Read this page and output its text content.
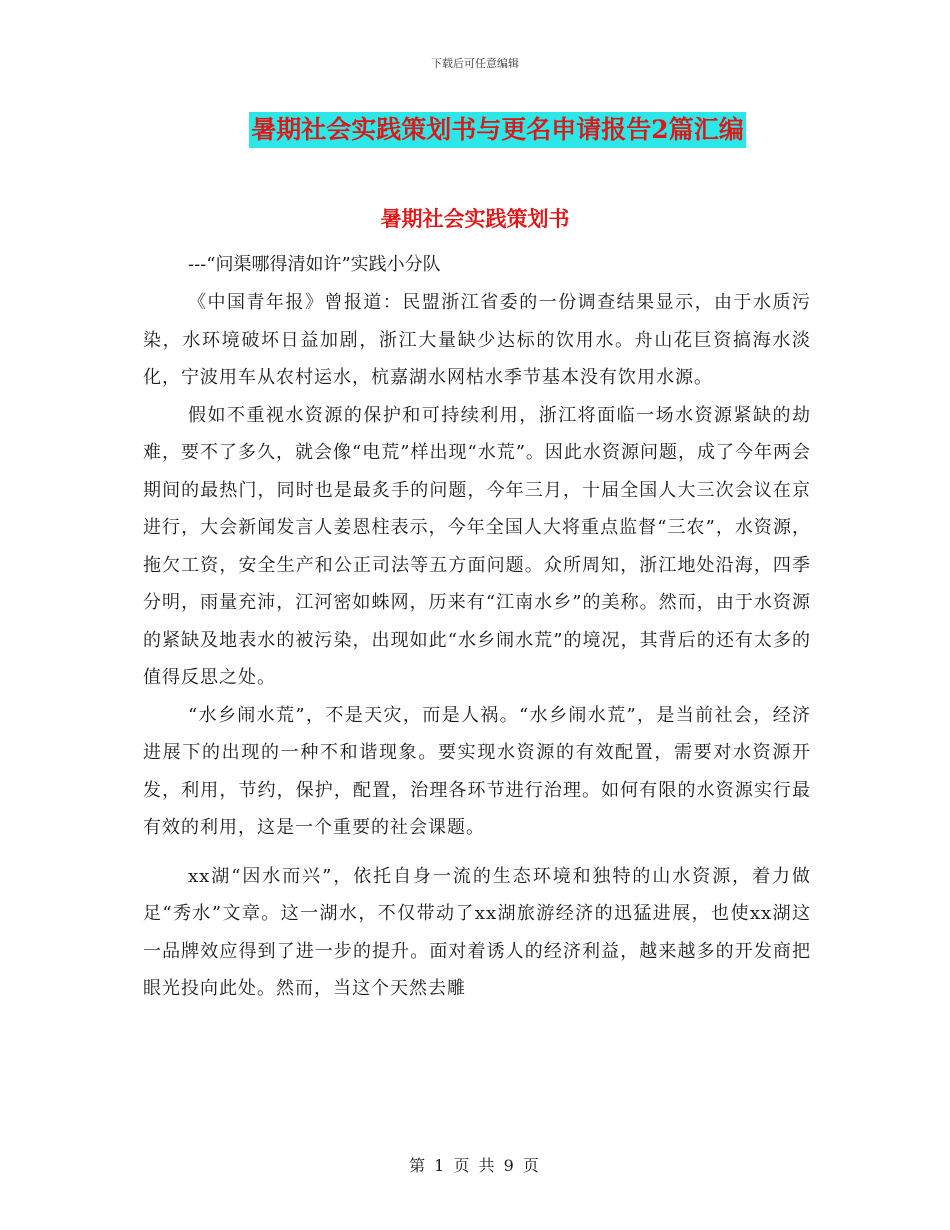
下载后可任意编辑
暑期社会实践策划书与更名申请报告2篇汇编
暑期社会实践策划书
---“问渠哪得清如许”实践小分队

《中国青年报》曾报道：民盟浙江省委的一份调查结果显示，由于水质污染，水环境破坏日益加剧，浙江大量缺少达标的饮用水。舟山花巨资搞海水淡化，宁波用车从农村运水，杭嘉湖水网枯水季节基本没有饮用水源。

假如不重视水资源的保护和可持续利用，浙江将面临一场水资源紧缺的劫难，要不了多久，就会像“电荒”样出现“水荒”。因此水资源问题，成了今年两会期间的最热门，同时也是最炙手的问题，今年三月，十届全国人大三次会议在京进行，大会新闻发言人姜恩柱表示，今年全国人大将重点监督“三农”，水资源，拖欠工资，安全生产和公正司法等五方面问题。众所周知，浙江地处沿海，四季分明，雨量充沛，江河密如蛛网，历来有“江南水乡”的美称。然而，由于水资源的紧缺及地表水的被污染，出现如此“水乡闹水荒”的境况，其背后的还有太多的值得反思之处。

“水乡闹水荒”，不是天灾，而是人祸。“水乡闹水荒”，是当前社会，经济进展下的出现的一种不和谐现象。要实现水资源的有效配置，需要对水资源开发，利用，节约，保护，配置，治理各环节进行治理。如何有限的水资源实行最有效的利用，这是一个重要的社会课题。

xx湖“因水而兴”，依托自身一流的生态环境和独特的山水资源，着力做足“秀水”文章。这一湖水，不仅带动了xx湖旅游经济的迅猛进展，也使xx湖这一品牌效应得到了进一步的提升。面对着诱人的经济利益，越来越多的开发商把眼光投向此处。然而，当这个天然去雕

第 1 页 共 9 页
